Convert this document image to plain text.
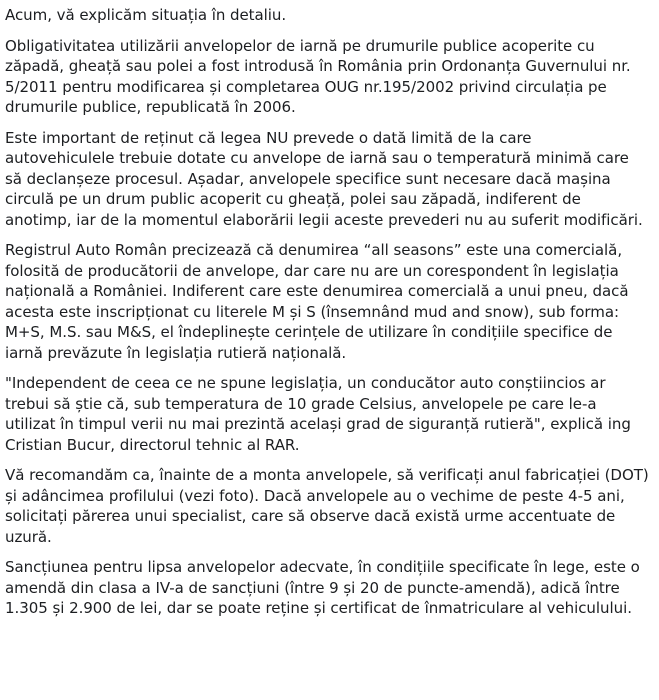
Acum, vă explicăm situația în detaliu.

Obligativitatea utilizării anvelopelor de iarnă pe drumurile publice acoperite cu
zăpadă, gheață sau polei a fost introdusă în România prin Ordonanța Guvernului nr.
5/2011 pentru modificarea și completarea OUG nr.195/2002 privind circulația pe
drumurile publice, republicată în 2006.

Este important de reținut că legea NU prevede o dată limită de la care
autovehiculele trebuie dotate cu anvelope de iarnă sau o temperatură minimă care
să declanșeze procesul. Așadar, anvelopele specifice sunt necesare dacă mașina
circulă pe un drum public acoperit cu gheață, polei sau zăpadă, indiferent de
anotimp, iar de la momentul elaborării legii aceste prevederi nu au suferit modificări.

Registrul Auto Român precizează că denumirea “all seasons” este una comercială,
folosită de producătorii de anvelope, dar care nu are un corespondent în legislația
națională a României. Indiferent care este denumirea comercială a unui pneu, dacă
acesta este inscripționat cu literele M și S (însemnând mud and snow), sub forma:
M+S, M.S. sau M&S, el îndeplinește cerințele de utilizare în condițiile specifice de
iarnă prevăzute în legislația rutieră națională.

"Independent de ceea ce ne spune legislația, un conducător auto conștiincios ar
trebui să știe că, sub temperatura de 10 grade Celsius, anvelopele pe care le-a
utilizat în timpul verii nu mai prezintă același grad de siguranță rutieră", explică ing
Cristian Bucur, directorul tehnic al RAR.

Vă recomandăm ca, înainte de a monta anvelopele, să verificați anul fabricației (DOT)
și adâncimea profilului (vezi foto). Dacă anvelopele au o vechime de peste 4-5 ani,
solicitați părerea unui specialist, care să observe dacă există urme accentuate de
uzură.

Sancțiunea pentru lipsa anvelopelor adecvate, în condițiile specificate în lege, este o
amendă din clasa a IV-a de sancțiuni (între 9 și 20 de puncte-amendă), adică între
1.305 și 2.900 de lei, dar se poate reține și certificat de înmatriculare al vehiculului.
